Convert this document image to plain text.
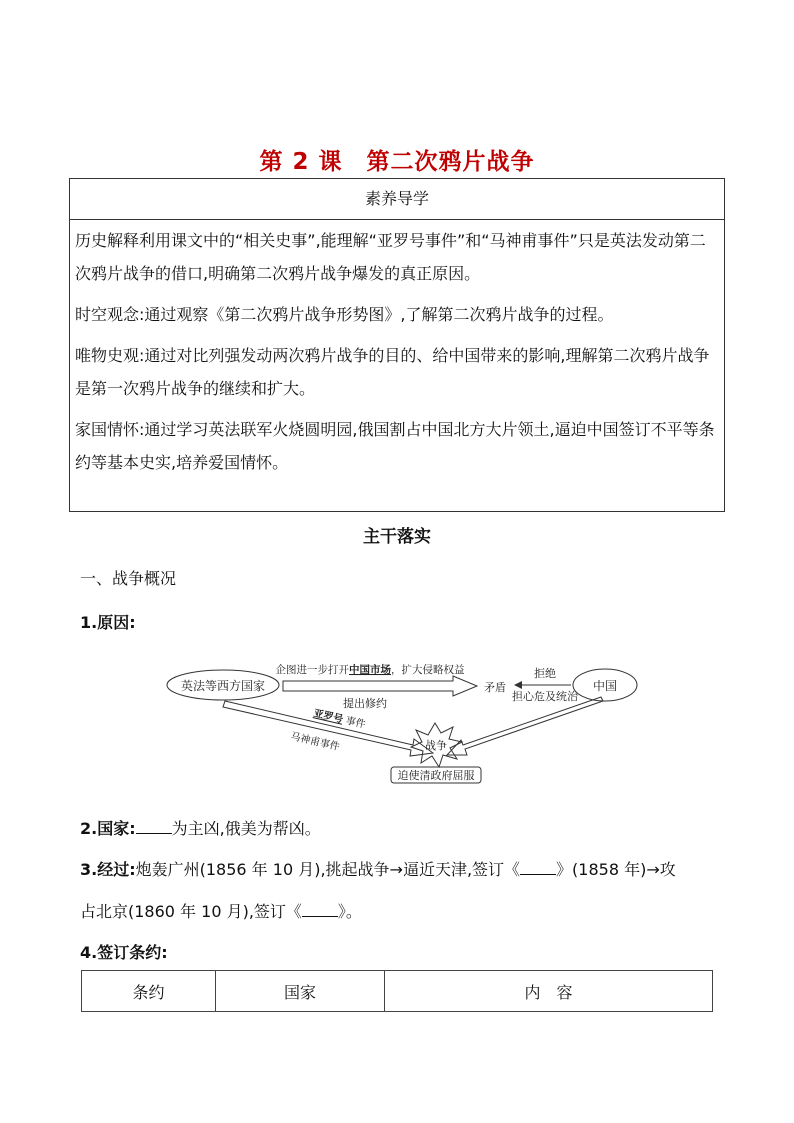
第 2 课　第二次鸦片战争
素养导学

历史解释利用课文中的“相关史事”,能理解“亚罗号事件”和“马神甫事件”只是英法发动第二次鸦片战争的借口,明确第二次鸦片战争爆发的真正原因。

时空观念:通过观察《第二次鸦片战争形势图》,了解第二次鸦片战争的过程。

唯物史观:通过对比列强发动两次鸦片战争的目的、给中国带来的影响,理解第二次鸦片战争是第一次鸦片战争的继续和扩大。

家国情怀:通过学习英法联军火烧圆明园,俄国割占中国北方大片领土,逼迫中国签订不平等条约等基本史实,培养爱国情怀。

主干落实
一、战争概况
1.原因:
英法等西方国家	中国
企图进一步打开中国市场，扩大侵略权益
提出修约
矛盾
拒绝
担心危及统治
亚罗号事件
马神甫事件	战争
迫使清政府屈服
2.国家: 为主凶,俄美为帮凶。
3.经过:炮轰广州(1856 年 10 月),挑起战争→逼近天津,签订《 》(1858 年)→攻
占北京(1860 年 10 月),签订《 》。
4.签订条约:
条约	国家	内　容
